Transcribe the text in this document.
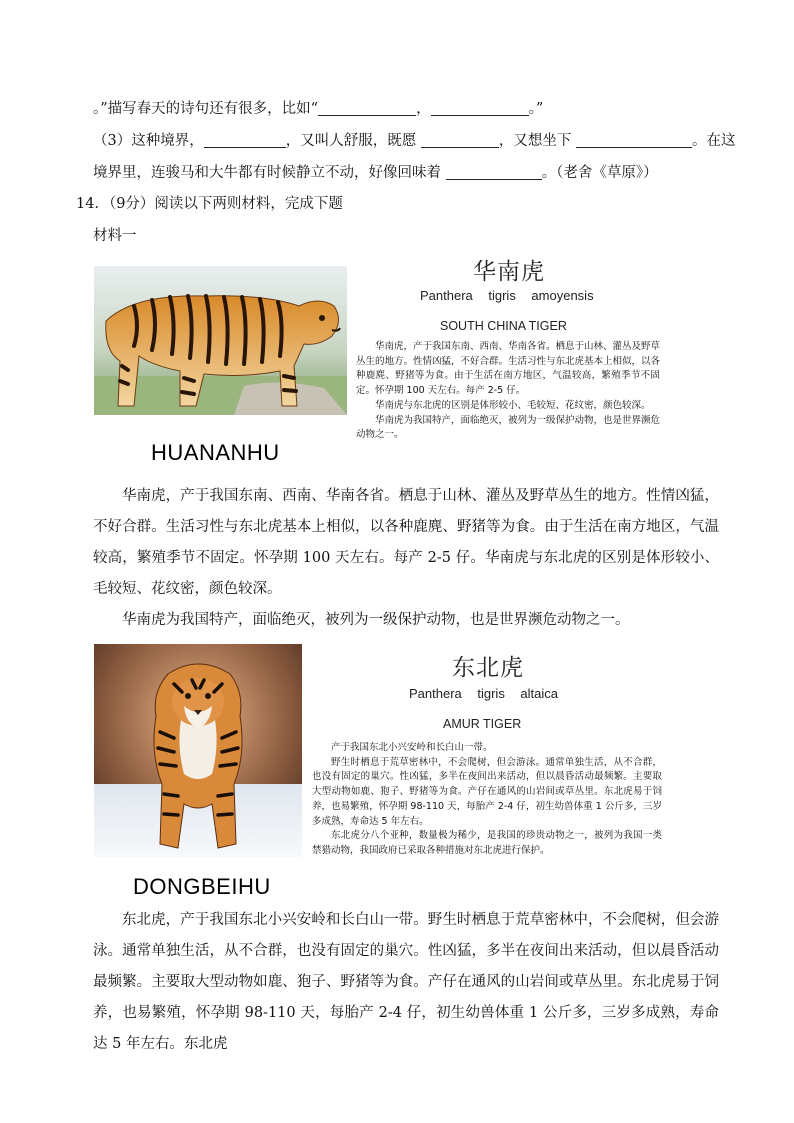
。”描写春天的诗句还有很多，比如“	，	。”
（3）这种境界，	，又叫人舒服，既愿	，又想坐下	。在这
境界里，连骏马和大牛都有时候静立不动，好像回味着	。（老舍《草原》）
14．（9分）阅读以下两则材料，完成下题
材料一
华南虎
Panthera tigris amoyensis
SOUTH CHINA TIGER

华南虎，产于我国东南、西南、华南各省。栖息于山林、灌丛及野草丛生的地方。性情凶猛，不好合群。生活习性与东北虎基本上相似，以各种鹿麂、野猪等为食。由于生活在南方地区，气温较高，繁殖季节不固定。怀孕期 100 天左右。每产 2-5 仔。

华南虎与东北虎的区别是体形较小、毛较短、花纹密，颜色较深。

华南虎为我国特产，面临绝灭，被列为一级保护动物，也是世界濒危动物之一。

HUANANHU
华南虎，产于我国东南、西南、华南各省。栖息于山林、灌丛及野草丛生的地方。性情凶猛，不好合群。生活习性与东北虎基本上相似，以各种鹿麂、野猪等为食。由于生活在南方地区，气温较高，繁殖季节不固定。怀孕期 100 天左右。每产 2-5 仔。华南虎与东北虎的区别是体形较小、毛较短、花纹密，颜色较深。
华南虎为我国特产，面临绝灭，被列为一级保护动物，也是世界濒危动物之一。
东北虎
Panthera tigris altaica
AMUR TIGER

产于我国东北小兴安岭和长白山一带。

野生时栖息于荒草密林中，不会爬树，但会游泳。通常单独生活，从不合群，也没有固定的巢穴。性凶猛，多半在夜间出来活动，但以晨昏活动最频繁。主要取大型动物如鹿、狍子、野猪等为食。产仔在通风的山岩间或草丛里。东北虎易于饲养，也易繁殖，怀孕期 98-110 天，每胎产 2-4 仔，初生幼兽体重 1 公斤多，三岁多成熟，寿命达 5 年左右。

东北虎分八个亚种，数量极为稀少，是我国的珍贵动物之一，被列为我国一类禁猎动物，我国政府已采取各种措施对东北虎进行保护。

DONGBEIHU
东北虎，产于我国东北小兴安岭和长白山一带。野生时栖息于荒草密林中，不会爬树，但会游泳。通常单独生活，从不合群，也没有固定的巢穴。性凶猛，多半在夜间出来活动，但以晨昏活动最频繁。主要取大型动物如鹿、狍子、野猪等为食。产仔在通风的山岩间或草丛里。东北虎易于饲养，也易繁殖，怀孕期 98-110 天，每胎产 2-4 仔，初生幼兽体重 1 公斤多，三岁多成熟，寿命达 5 年左右。东北虎
